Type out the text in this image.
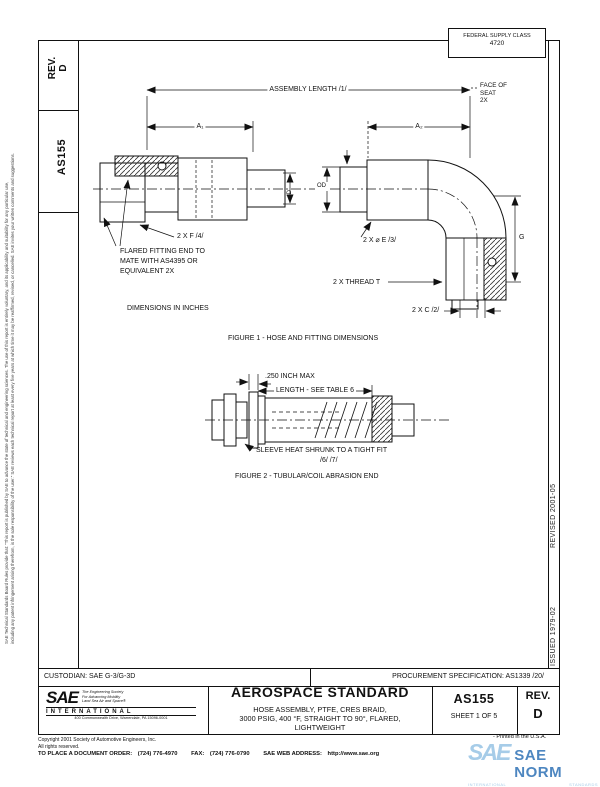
FEDERAL SUPPLY CLASS
4720
REV. D
AS155
ISSUED 1979-02
REVISED 2001-05
SAE Technical Standards Board Rules provide that: "This report is published by SAE to advance the state of technical and engineering sciences. The use of this report is entirely voluntary, and its applicability and suitability for any particular use, including any patent infringement arising therefrom, is the sole responsibility of the user." SAE reviews each technical report at least every five years at which time it may be reaffirmed, revised, or cancelled. SAE invites your written comments and suggestions.
ASSEMBLY LENGTH /1/
FACE OF
SEAT
2X
A₁	A₂
ID
OD
2 X F /4/
FLARED FITTING END TO
MATE WITH AS4395 OR
EQUIVALENT 2X
2 X ⌀ E /3/
2 X THREAD T
2 X C /2/
G
DIMENSIONS IN INCHES
FIGURE 1 - HOSE AND FITTING DIMENSIONS
.250 INCH MAX
LENGTH - SEE TABLE 6
SLEEVE HEAT SHRUNK TO A TIGHT FIT
/6/ /7/
FIGURE 2 - TUBULAR/COIL ABRASION END
CUSTODIAN: SAE G-3/G-3D	PROCUREMENT SPECIFICATION: AS1339 /20/
SAE The Engineering Society
For Advancing Mobility
Land Sea Air and Space®
INTERNATIONAL
400 Commonwealth Drive, Warrendale, PA 15096-0001
AEROSPACE STANDARD
HOSE ASSEMBLY, PTFE, CRES BRAID,
3000 PSIG, 400 °F, STRAIGHT TO 90°, FLARED,
LIGHTWEIGHT
AS155
SHEET 1 OF 5
REV.
D
Copyright 2001 Society of Automotive Engineers, Inc.
All rights reserved.
- Printed in the U.S.A.
TO PLACE A DOCUMENT ORDER: (724) 776-4970 FAX: (724) 776-0790 SAE WEB ADDRESS: http://www.sae.org	SAE SAE NORM
INTERNATIONAL	STANDARDS
